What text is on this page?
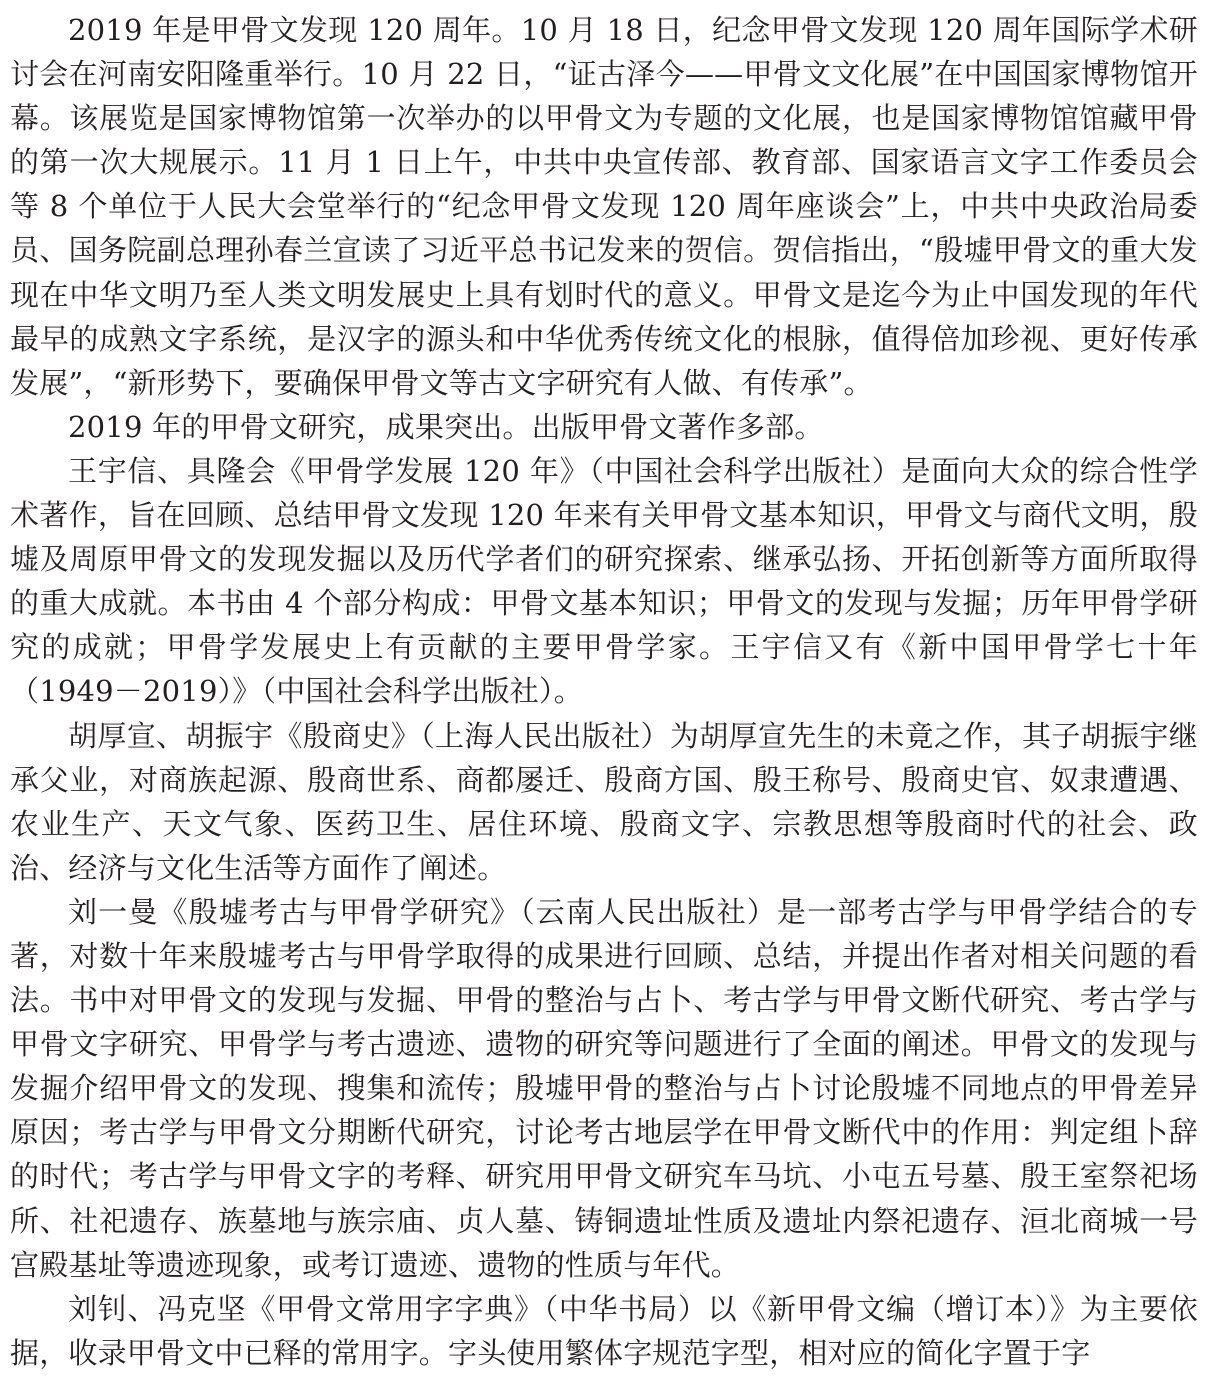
2019 年是甲骨文发现 120 周年。10 月 18 日，纪念甲骨文发现 120 周年国际学术研讨会在河南安阳隆重举行。10 月 22 日，“证古泽今——甲骨文文化展”在中国国家博物馆开幕。该展览是国家博物馆第一次举办的以甲骨文为专题的文化展，也是国家博物馆馆藏甲骨的第一次大规展示。11 月 1 日上午，中共中央宣传部、教育部、国家语言文字工作委员会等 8 个单位于人民大会堂举行的“纪念甲骨文发现 120 周年座谈会”上，中共中央政治局委员、国务院副总理孙春兰宣读了习近平总书记发来的贺信。贺信指出，“殷墟甲骨文的重大发现在中华文明乃至人类文明发展史上具有划时代的意义。甲骨文是迄今为止中国发现的年代最早的成熟文字系统，是汉字的源头和中华优秀传统文化的根脉，值得倍加珍视、更好传承发展”，“新形势下，要确保甲骨文等古文字研究有人做、有传承”。

2019 年的甲骨文研究，成果突出。出版甲骨文著作多部。

王宇信、具隆会《甲骨学发展 120 年》（中国社会科学出版社）是面向大众的综合性学术著作，旨在回顾、总结甲骨文发现 120 年来有关甲骨文基本知识，甲骨文与商代文明，殷墟及周原甲骨文的发现发掘以及历代学者们的研究探索、继承弘扬、开拓创新等方面所取得的重大成就。本书由 4 个部分构成：甲骨文基本知识；甲骨文的发现与发掘；历年甲骨学研究的成就；甲骨学发展史上有贡献的主要甲骨学家。王宇信又有《新中国甲骨学七十年（1949－2019）》（中国社会科学出版社）。

胡厚宣、胡振宇《殷商史》（上海人民出版社）为胡厚宣先生的未竟之作，其子胡振宇继承父业，对商族起源、殷商世系、商都屡迁、殷商方国、殷王称号、殷商史官、奴隶遭遇、农业生产、天文气象、医药卫生、居住环境、殷商文字、宗教思想等殷商时代的社会、政治、经济与文化生活等方面作了阐述。

刘一曼《殷墟考古与甲骨学研究》（云南人民出版社）是一部考古学与甲骨学结合的专著，对数十年来殷墟考古与甲骨学取得的成果进行回顾、总结，并提出作者对相关问题的看法。书中对甲骨文的发现与发掘、甲骨的整治与占卜、考古学与甲骨文断代研究、考古学与甲骨文字研究、甲骨学与考古遗迹、遗物的研究等问题进行了全面的阐述。甲骨文的发现与发掘介绍甲骨文的发现、搜集和流传；殷墟甲骨的整治与占卜讨论殷墟不同地点的甲骨差异原因；考古学与甲骨文分期断代研究，讨论考古地层学在甲骨文断代中的作用：判定组卜辞的时代；考古学与甲骨文字的考释、研究用甲骨文研究车马坑、小屯五号墓、殷王室祭祀场所、社祀遗存、族墓地与族宗庙、贞人墓、铸铜遗址性质及遗址内祭祀遗存、洹北商城一号宫殿基址等遗迹现象，或考订遗迹、遗物的性质与年代。

刘钊、冯克坚《甲骨文常用字字典》（中华书局）以《新甲骨文编（增订本）》为主要依据，收录甲骨文中已释的常用字。字头使用繁体字规范字型，相对应的简化字置于字
